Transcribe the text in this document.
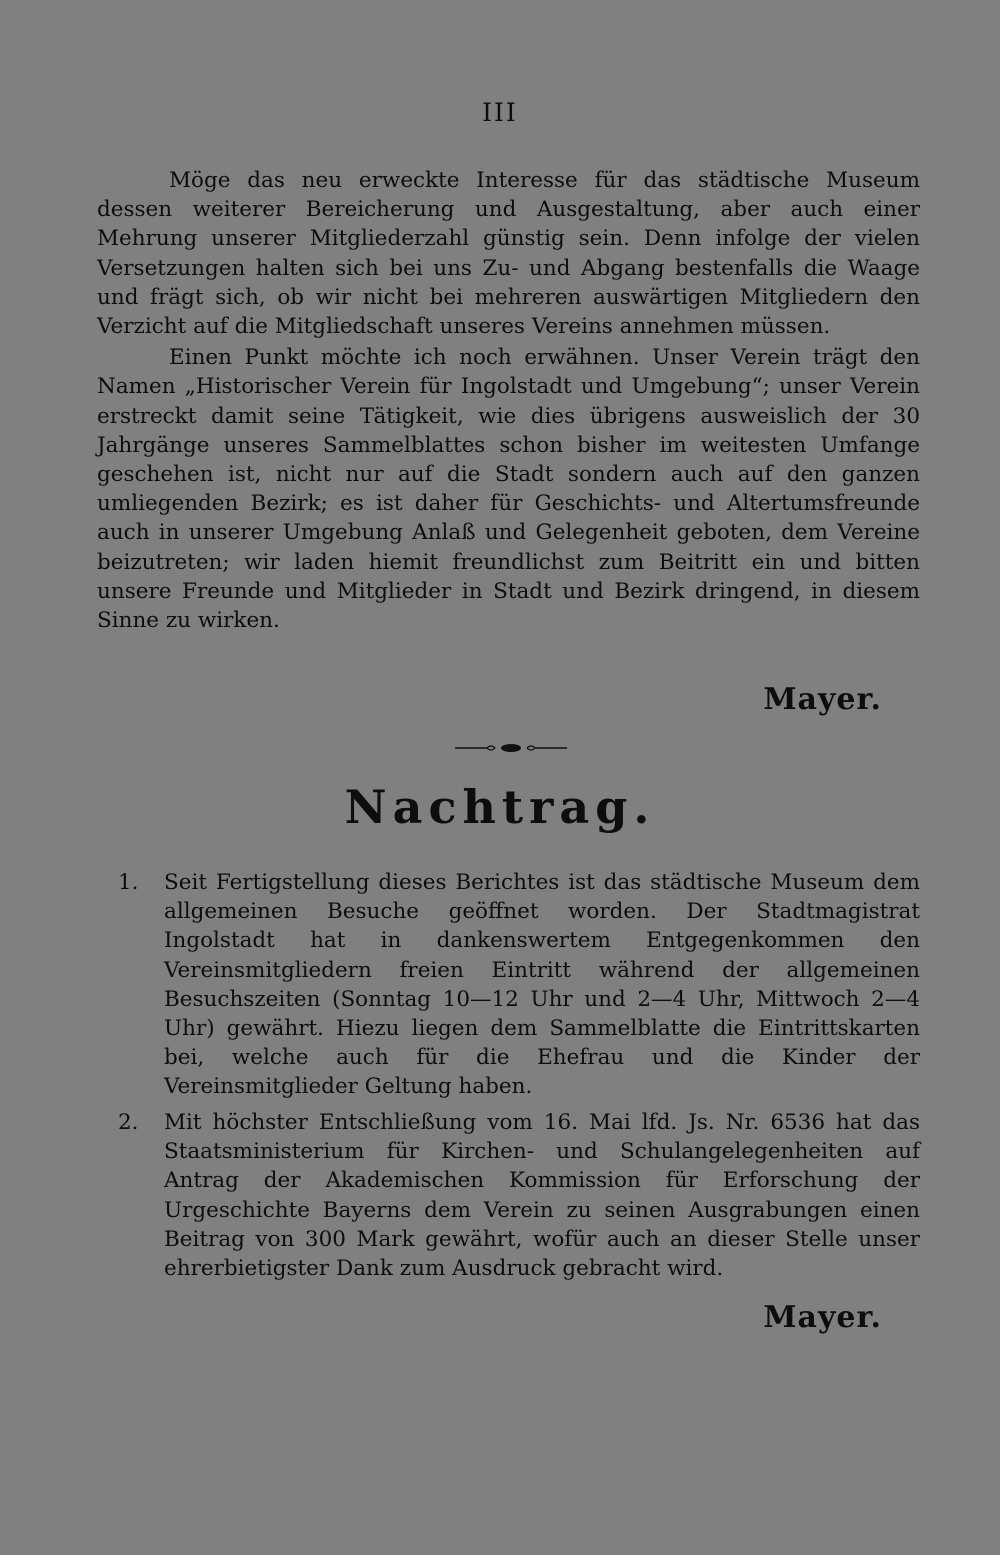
III

Möge das neu erweckte Interesse für das städtische Museum dessen weiterer Bereicherung und Ausgestaltung, aber auch einer Mehrung unserer Mitgliederzahl günstig sein. Denn infolge der vielen Versetzungen halten sich bei uns Zu- und Abgang bestenfalls die Waage und frägt sich, ob wir nicht bei mehreren auswärtigen Mitgliedern den Verzicht auf die Mitgliedschaft unseres Vereins annehmen müssen.

Einen Punkt möchte ich noch erwähnen. Unser Verein trägt den Namen „Historischer Verein für Ingolstadt und Umgebung“; unser Verein erstreckt damit seine Tätigkeit, wie dies übrigens ausweislich der 30 Jahrgänge unseres Sammelblattes schon bisher im weitesten Umfange geschehen ist, nicht nur auf die Stadt sondern auch auf den ganzen umliegenden Bezirk; es ist daher für Geschichts- und Altertumsfreunde auch in unserer Umgebung Anlaß und Gelegenheit geboten, dem Vereine beizutreten; wir laden hiemit freundlichst zum Beitritt ein und bitten unsere Freunde und Mitglieder in Stadt und Bezirk dringend, in diesem Sinne zu wirken.

Mayer.
Nachtrag.
1.	Seit Fertigstellung dieses Berichtes ist das städtische Museum dem allgemeinen Besuche geöffnet worden. Der Stadtmagistrat Ingolstadt hat in dankenswertem Entgegenkommen den Vereinsmitgliedern freien Eintritt während der allgemeinen Besuchszeiten (Sonntag 10—12 Uhr und 2—4 Uhr, Mittwoch 2—4 Uhr) gewährt. Hiezu liegen dem Sammelblatte die Eintrittskarten bei, welche auch für die Ehefrau und die Kinder der Vereinsmitglieder Geltung haben.
2.	Mit höchster Entschließung vom 16. Mai lfd. Js. Nr. 6536 hat das Staatsministerium für Kirchen- und Schulangelegenheiten auf Antrag der Akademischen Kommission für Erforschung der Urgeschichte Bayerns dem Verein zu seinen Ausgrabungen einen Beitrag von 300 Mark gewährt, wofür auch an dieser Stelle unser ehrerbietigster Dank zum Ausdruck gebracht wird.
Mayer.
